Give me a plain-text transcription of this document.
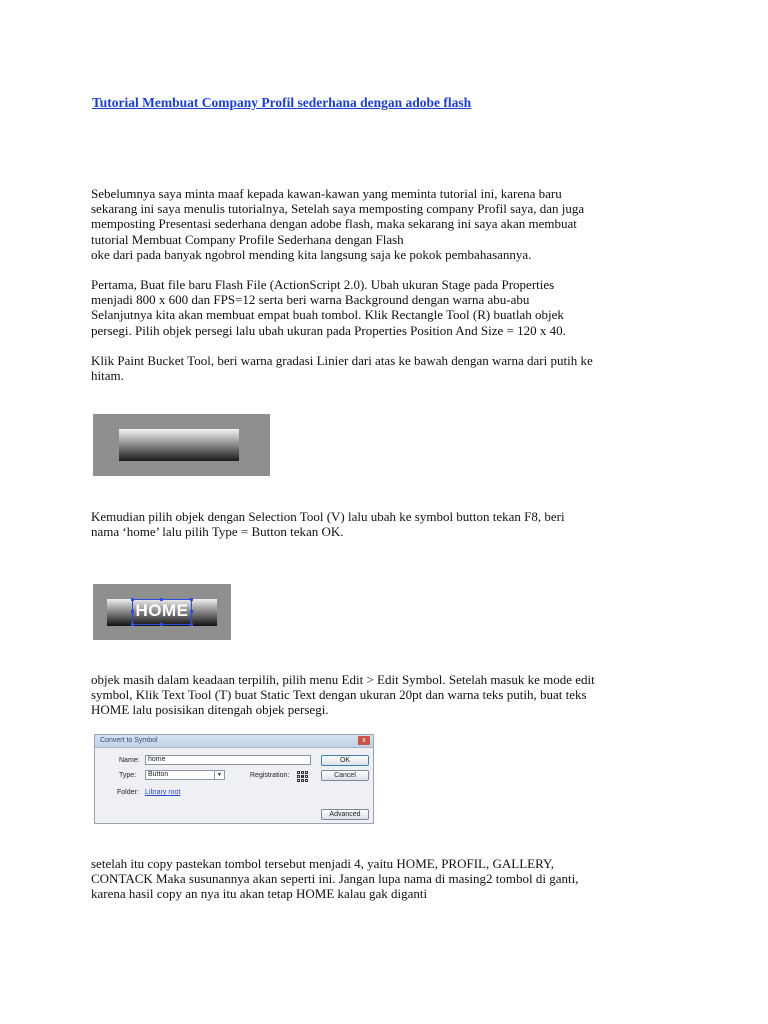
Tutorial Membuat Company Profil sederhana dengan adobe flash

Sebelumnya saya minta maaf kepada kawan-kawan yang meminta tutorial ini, karena baru
sekarang ini saya menulis tutorialnya, Setelah saya memposting company Profil saya, dan juga
memposting Presentasi sederhana dengan adobe flash, maka sekarang ini saya akan membuat
tutorial Membuat Company Profile Sederhana dengan Flash
oke dari pada banyak ngobrol mending kita langsung saja ke pokok pembahasannya.

Pertama, Buat file baru Flash File (ActionScript 2.0). Ubah ukuran Stage pada Properties
menjadi 800 x 600 dan FPS=12 serta beri warna Background dengan warna abu-abu
Selanjutnya kita akan membuat empat buah tombol. Klik Rectangle Tool (R) buatlah objek
persegi. Pilih objek persegi lalu ubah ukuran pada Properties Position And Size = 120 x 40.

Klik Paint Bucket Tool, beri warna gradasi Linier dari atas ke bawah dengan warna dari putih ke
hitam.

Kemudian pilih objek dengan Selection Tool (V) lalu ubah ke symbol button tekan F8, beri
nama ‘home’ lalu pilih Type = Button tekan OK.

HOME

objek masih dalam keadaan terpilih, pilih menu Edit > Edit Symbol. Setelah masuk ke mode edit
symbol, Klik Text Tool (T) buat Static Text dengan ukuran 20pt dan warna teks putih, buat teks
HOME lalu posisikan ditengah objek persegi.

Convert to Symbol	x
Name:	home	OK
Type:	Button	▼	Registration:	Cancel
Folder: Library root
Advanced

setelah itu copy pastekan tombol tersebut menjadi 4, yaitu HOME, PROFIL, GALLERY,
CONTACK Maka susunannya akan seperti ini. Jangan lupa nama di masing2 tombol di ganti,
karena hasil copy an nya itu akan tetap HOME kalau gak diganti
